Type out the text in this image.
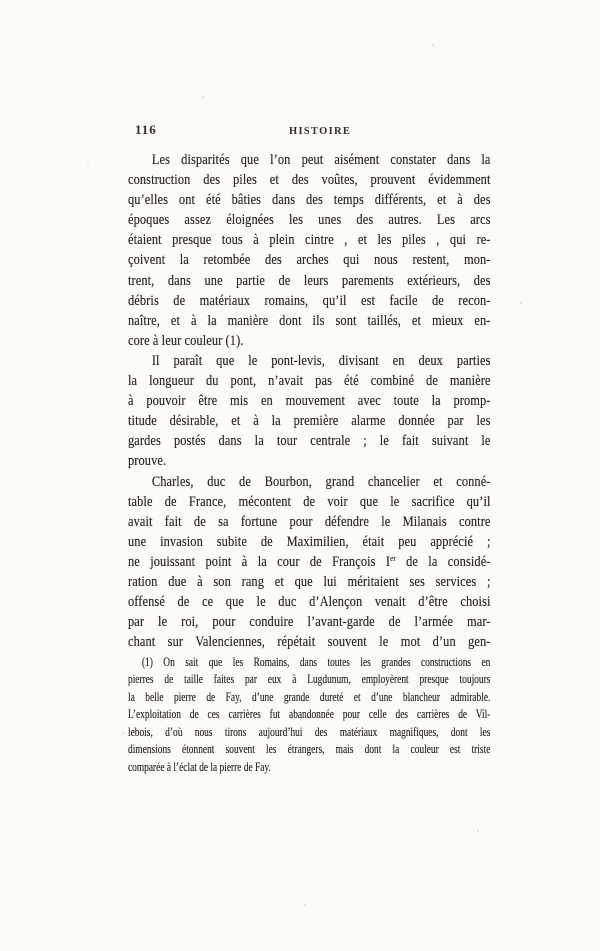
116	HISTOIRE
Les disparités que l’on peut aisément constater dans la
construction des piles et des voûtes, prouvent évidemment
qu’elles ont été bâties dans des temps différents, et à des
époques assez éloignées les unes des autres. Les arcs
étaient presque tous à plein cintre , et les piles , qui re-
çoivent la retombée des arches qui nous restent, mon-
trent, dans une partie de leurs parements extérieurs, des
débris de matériaux romains, qu’il est facile de recon-
naître, et à la manière dont ils sont taillés, et mieux en-
core à leur couleur (1).
Il paraît que le pont-levis, divisant en deux parties
la longueur du pont, n’avait pas été combiné de manière
à pouvoir être mis en mouvement avec toute la promp-
titude désirable, et à la première alarme donnée par les
gardes postés dans la tour centrale ; le fait suivant le
prouve.
Charles, duc de Bourbon, grand chancelier et conné-
table de France, mécontent de voir que le sacrifice qu’il
avait fait de sa fortune pour défendre le Milanais contre
une invasion subite de Maximilien, était peu apprécié ;
ne jouissant point à la cour de François Ier de la considé-
ration due à son rang et que lui méritaient ses services ;
offensé de ce que le duc d’Alençon venait d’être choisi
par le roi, pour conduire l’avant-garde de l’armée mar-
chant sur Valenciennes, répétait souvent le mot d’un gen-
(1) On sait que les Romains, dans toutes les grandes constructions en
pierres de taille faites par eux à Lugdunum, employèrent presque toujours
la belle pierre de Fay, d’une grande dureté et d’une blancheur admirable.
L’exploitation de ces carrières fut abandonnée pour celle des carrières de Vil-
lebois, d’où nous tirons aujourd’hui des matériaux magnifiques, dont les
dimensions étonnent souvent les étrangers, mais dont la couleur est triste
comparée à l’éclat de la pierre de Fay.
